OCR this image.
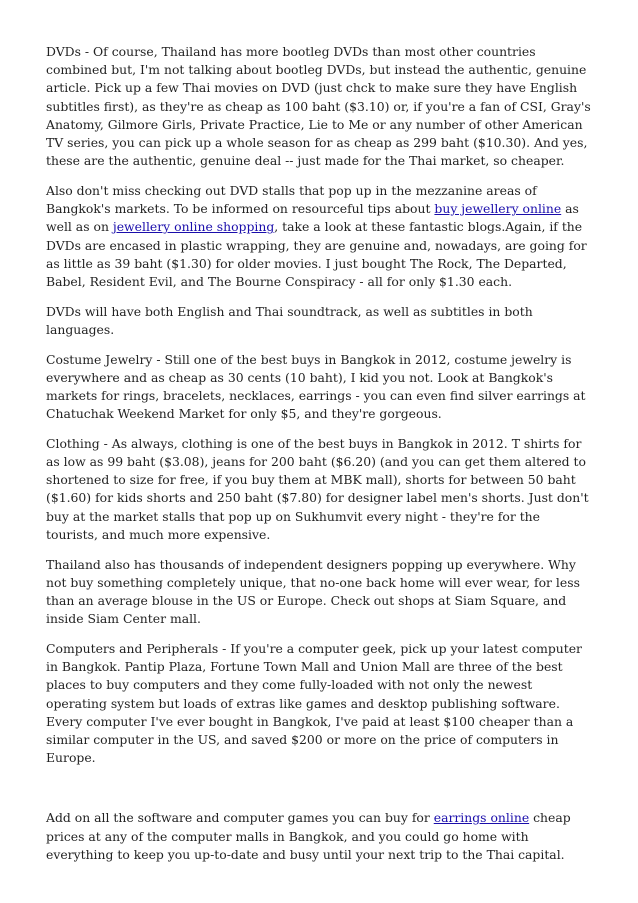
DVDs - Of course, Thailand has more bootleg DVDs than most other countries combined but, I'm not talking about bootleg DVDs, but instead the authentic, genuine article. Pick up a few Thai movies on DVD (just chck to make sure they have English subtitles first), as they're as cheap as 100 baht ($3.10) or, if you're a fan of CSI, Gray's Anatomy, Gilmore Girls, Private Practice, Lie to Me or any number of other American TV series, you can pick up a whole season for as cheap as 299 baht ($10.30). And yes, these are the authentic, genuine deal -- just made for the Thai market, so cheaper.

Also don't miss checking out DVD stalls that pop up in the mezzanine areas of Bangkok's markets. To be informed on resourceful tips about buy jewellery online as well as on jewellery online shopping, take a look at these fantastic blogs.Again, if the DVDs are encased in plastic wrapping, they are genuine and, nowadays, are going for as little as 39 baht ($1.30) for older movies. I just bought The Rock, The Departed, Babel, Resident Evil, and The Bourne Conspiracy - all for only $1.30 each.

DVDs will have both English and Thai soundtrack, as well as subtitles in both languages.

Costume Jewelry - Still one of the best buys in Bangkok in 2012, costume jewelry is everywhere and as cheap as 30 cents (10 baht), I kid you not. Look at Bangkok's markets for rings, bracelets, necklaces, earrings - you can even find silver earrings at Chatuchak Weekend Market for only $5, and they're gorgeous.

Clothing - As always, clothing is one of the best buys in Bangkok in 2012. T shirts for as low as 99 baht ($3.08), jeans for 200 baht ($6.20) (and you can get them altered to shortened to size for free, if you buy them at MBK mall), shorts for between 50 baht ($1.60) for kids shorts and 250 baht ($7.80) for designer label men's shorts. Just don't buy at the market stalls that pop up on Sukhumvit every night - they're for the tourists, and much more expensive.

Thailand also has thousands of independent designers popping up everywhere. Why not buy something completely unique, that no-one back home will ever wear, for less than an average blouse in the US or Europe. Check out shops at Siam Square, and inside Siam Center mall.

Computers and Peripherals - If you're a computer geek, pick up your latest computer in Bangkok. Pantip Plaza, Fortune Town Mall and Union Mall are three of the best places to buy computers and they come fully-loaded with not only the newest operating system but loads of extras like games and desktop publishing software. Every computer I've ever bought in Bangkok, I've paid at least $100 cheaper than a similar computer in the US, and saved $200 or more on the price of computers in Europe.

Add on all the software and computer games you can buy for earrings online cheap prices at any of the computer malls in Bangkok, and you could go home with everything to keep you up-to-date and busy until your next trip to the Thai capital.
